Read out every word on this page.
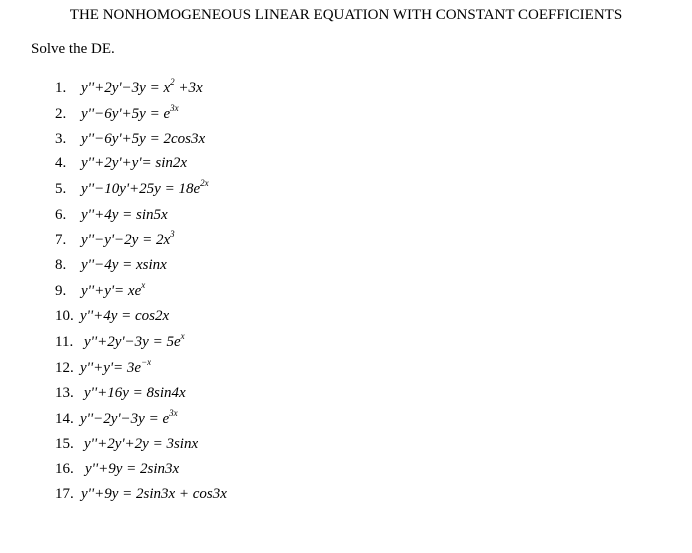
THE NONHOMOGENEOUS LINEAR EQUATION WITH CONSTANT COEFFICIENTS
Solve the DE.
1. $y''+2y'-3y = x^2 +3x$
2. $y''-6y'+5y = e^{3x}$
3. y''−6y'+5y = 2cos3x
4. y''+2y'+y'= sin2x
5. $y''-10y'+25y = 18e^{2x}$
6. y''+4y = sin5x
7. $y''-y'-2y = 2x^3$
8. y''−4y = xsinx
9. $y''+y'= xe^x$
10. y''+4y = cos2x
11. $y''+2y'-3y = 5e^x$
12. $y''+y'= 3e^{-x}$
13. y''+16y = 8sin4x
14. $y''-2y'-3y = e^{3x}$
15. y''+2y'+2y = 3sinx
16. y''+9y = 2sin3x
17. y''+9y = 2sin3x + cos3x
